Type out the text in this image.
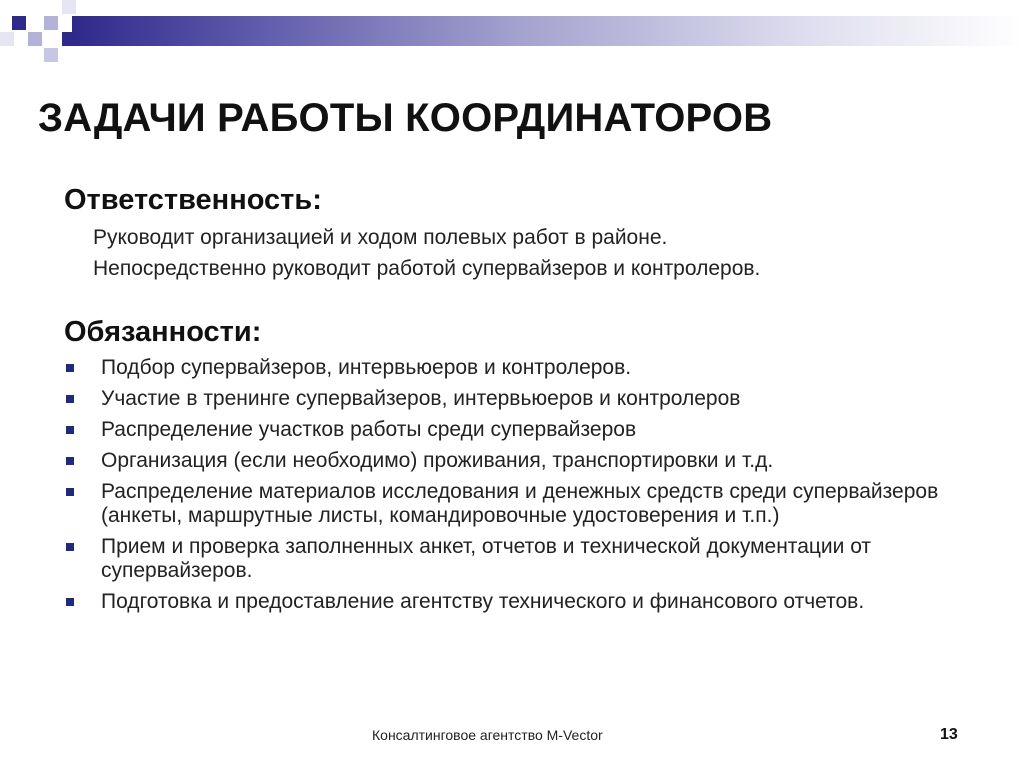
ЗАДАЧИ РАБОТЫ КООРДИНАТОРОВ
Ответственность:
Руководит организацией и ходом полевых работ в районе.
Непосредственно руководит работой супервайзеров и контролеров.
Обязанности:
Подбор супервайзеров, интервьюеров и контролеров.
Участие в тренинге супервайзеров, интервьюеров и контролеров
Распределение участков работы среди супервайзеров
Организация (если необходимо) проживания, транспортировки и т.д.
Распределение материалов исследования и денежных средств среди супервайзеров (анкеты, маршрутные листы, командировочные удостоверения и т.п.)
Прием и проверка заполненных анкет, отчетов и технической документации от супервайзеров.
Подготовка и предоставление агентству технического и финансового отчетов.
Консалтинговое агентство M-Vector	13
